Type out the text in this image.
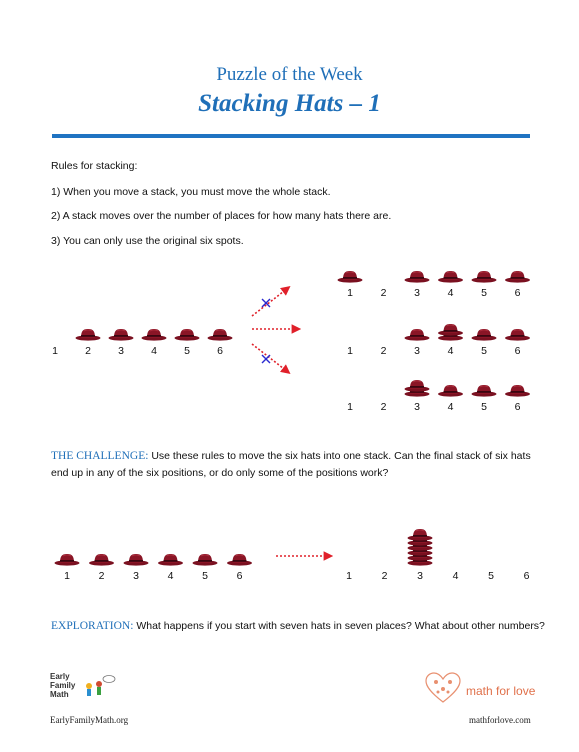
Puzzle of the Week
Stacking Hats – 1
Rules for stacking:
1) When you move a stack, you must move the whole stack.
2) A stack moves over the number of places for how many hats there are.
3) You can only use the original six spots.
1	2	3	4	5	6
1	2	3	4	5	6
1	2	3	4	5	6
1	2	3	4	5	6
1	2	3	4	5	6	1	2	3	4	5	6
THE CHALLENGE: Use these rules to move the six hats into one stack. Can the final stack of six hats end up in any of the six positions, or do only some of the positions work?
EXPLORATION: What happens if you start with seven hats in seven places? What about other numbers?
Early
Family
Math
EarlyFamilyMath.org
math for love
mathforlove.com
